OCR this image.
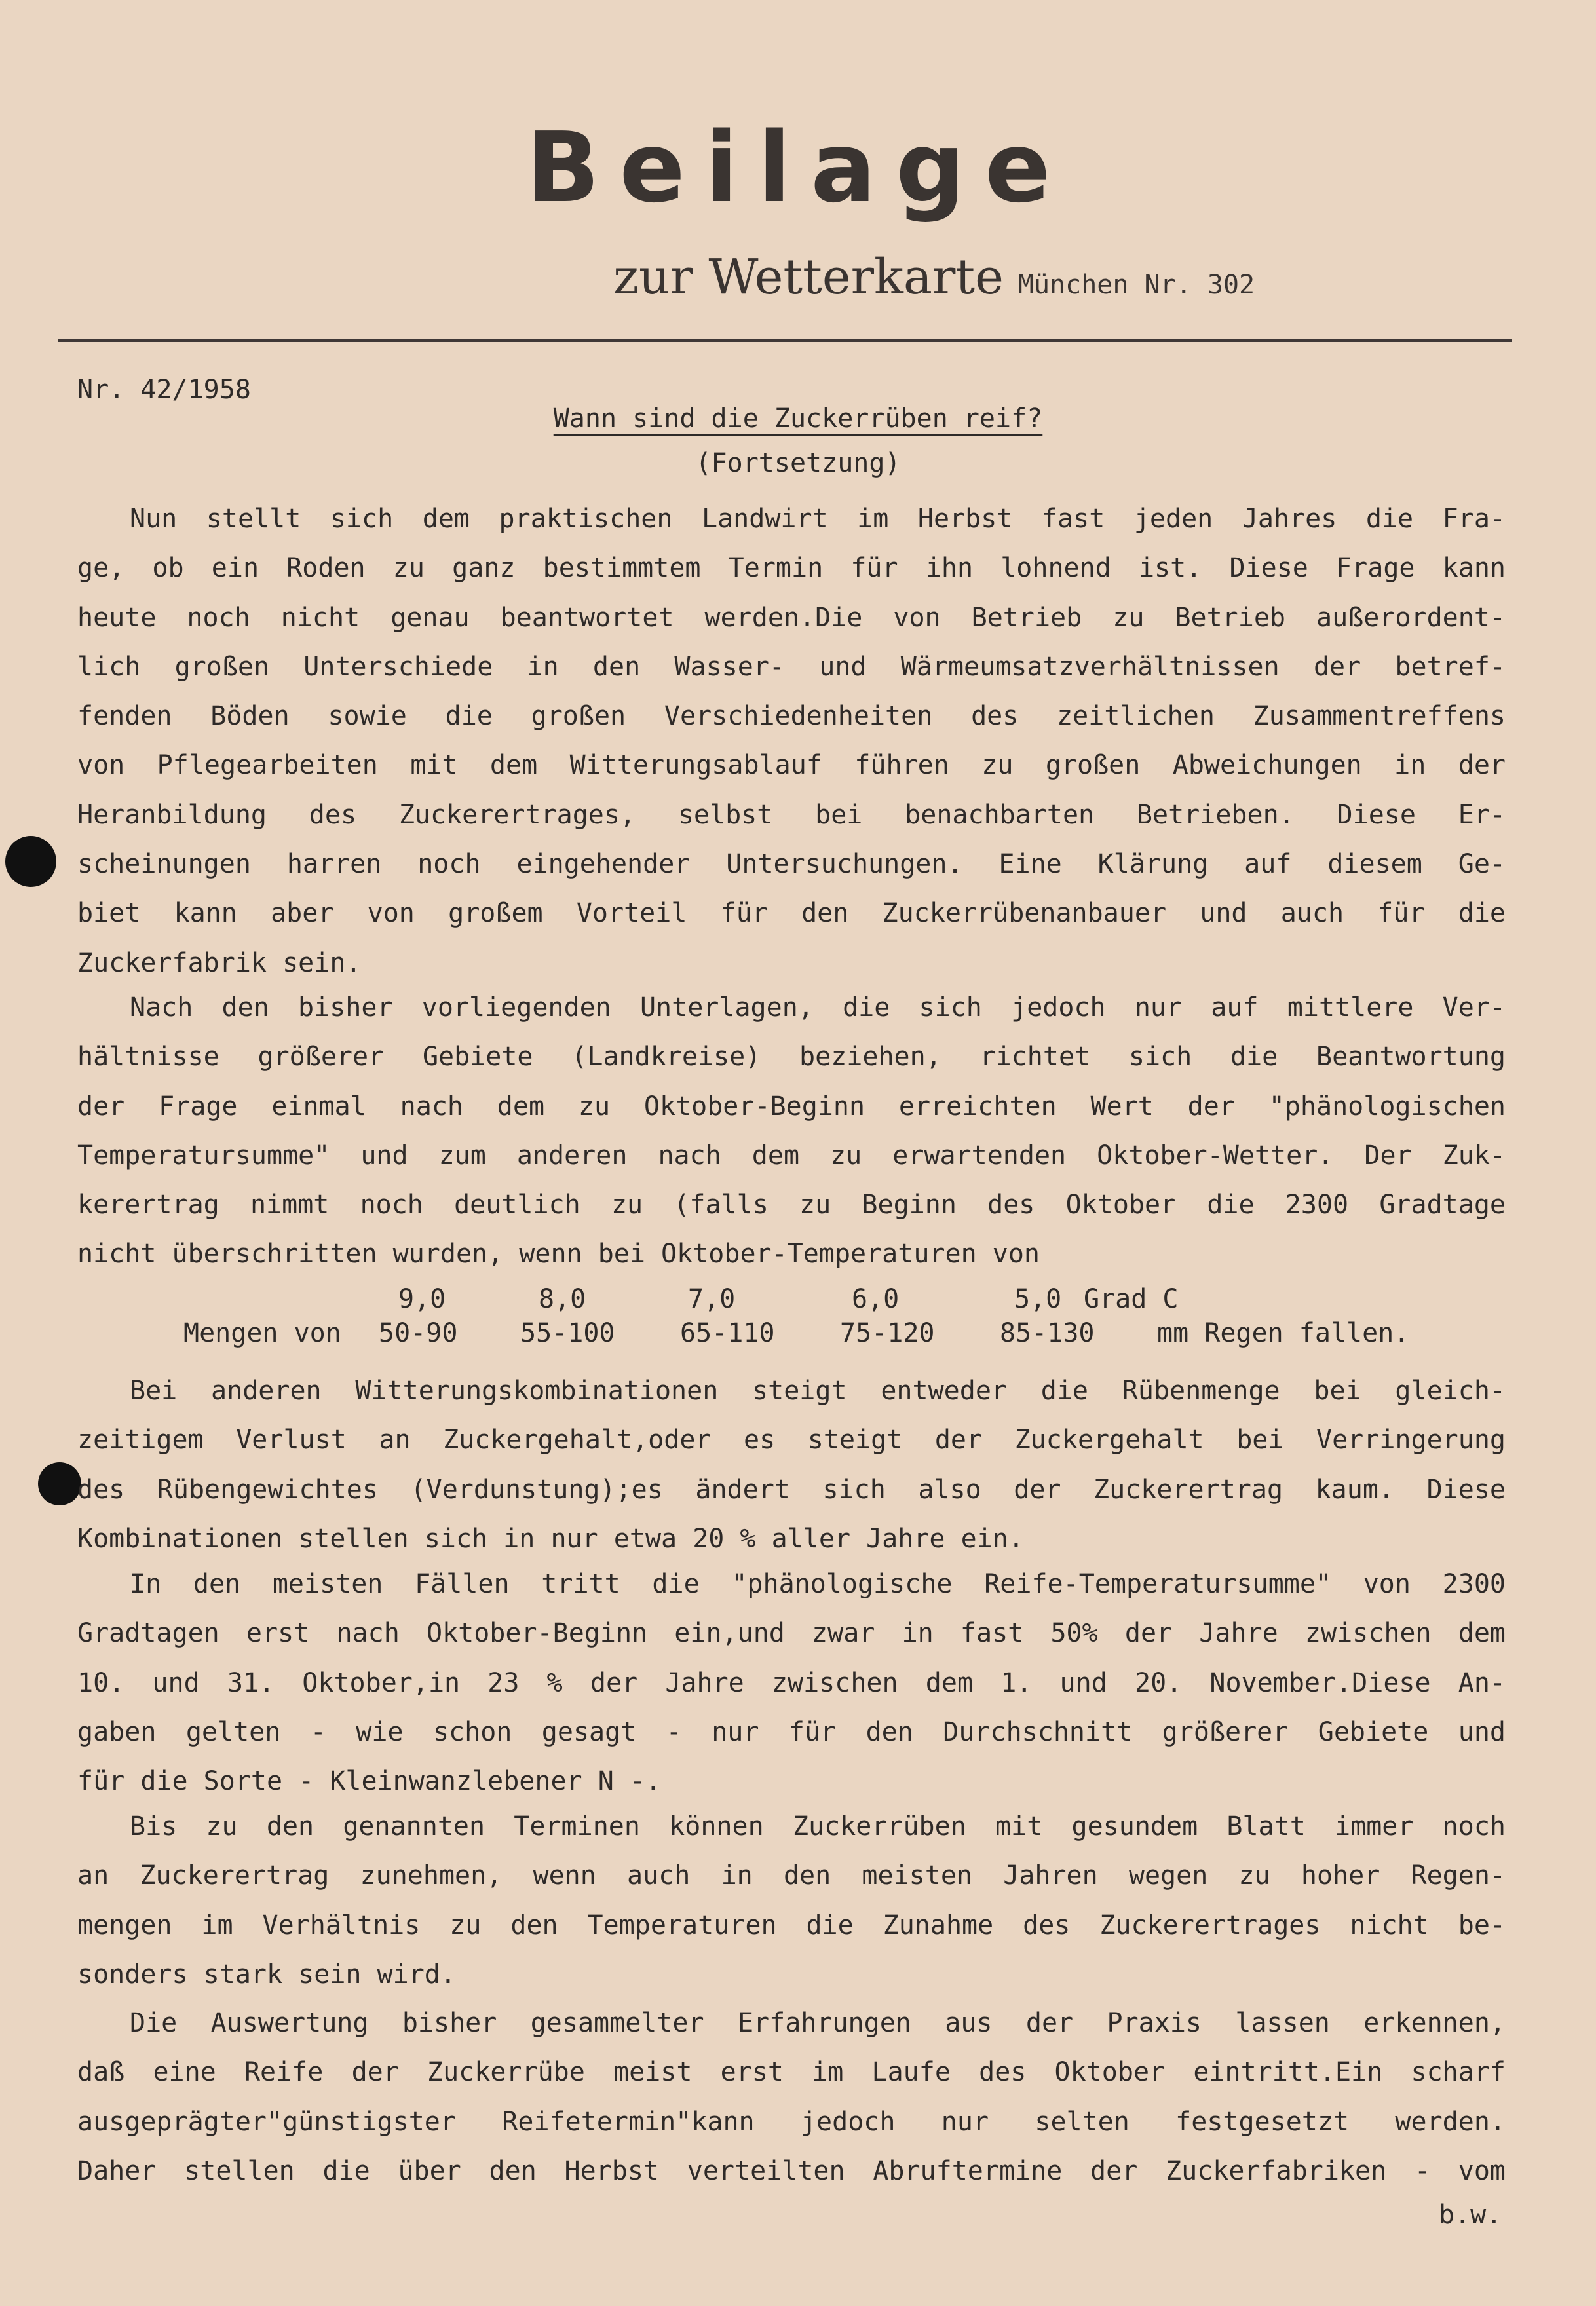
Beilage
zur Wetterkarte München Nr. 302
Nr. 42/1958
Wann sind die Zuckerrüben reif?
(Fortsetzung)
Nun stellt sich dem praktischen Landwirt im Herbst fast jeden Jahres die Fra-
ge, ob ein Roden zu ganz bestimmtem Termin für ihn lohnend ist. Diese Frage kann
heute noch nicht genau beantwortet werden.Die von Betrieb zu Betrieb außerordent-
lich großen Unterschiede in den Wasser- und Wärmeumsatzverhältnissen der betref-
fenden Böden sowie die großen Verschiedenheiten des zeitlichen Zusammentreffens
von Pflegearbeiten mit dem Witterungsablauf führen zu großen Abweichungen in der
Heranbildung des Zuckerertrages, selbst bei benachbarten Betrieben. Diese Er-
scheinungen harren noch eingehender Untersuchungen. Eine Klärung auf diesem Ge-
biet kann aber von großem Vorteil für den Zuckerrübenanbauer und auch für die
Zuckerfabrik sein.
Nach den bisher vorliegenden Unterlagen, die sich jedoch nur auf mittlere Ver-
hältnisse größerer Gebiete (Landkreise) beziehen, richtet sich die Beantwortung
der Frage einmal nach dem zu Oktober-Beginn erreichten Wert der "phänologischen
Temperatursumme" und zum anderen nach dem zu erwartenden Oktober-Wetter. Der Zuk-
kerertrag nimmt noch deutlich zu (falls zu Beginn des Oktober die 2300 Gradtage
nicht überschritten wurden, wenn bei Oktober-Temperaturen von
9,0	8,0	7,0	6,0	5,0 Grad C
Mengen von 50-90 55-100 65-110 75-120 85-130 mm Regen fallen.
Bei anderen Witterungskombinationen steigt entweder die Rübenmenge bei gleich-
zeitigem Verlust an Zuckergehalt,oder es steigt der Zuckergehalt bei Verringerung
des Rübengewichtes (Verdunstung);es ändert sich also der Zuckerertrag kaum. Diese
Kombinationen stellen sich in nur etwa 20 % aller Jahre ein.
In den meisten Fällen tritt die "phänologische Reife-Temperatursumme" von 2300
Gradtagen erst nach Oktober-Beginn ein,und zwar in fast 50% der Jahre zwischen dem
10. und 31. Oktober,in 23 % der Jahre zwischen dem 1. und 20. November.Diese An-
gaben gelten - wie schon gesagt - nur für den Durchschnitt größerer Gebiete und
für die Sorte - Kleinwanzlebener N -.
Bis zu den genannten Terminen können Zuckerrüben mit gesundem Blatt immer noch
an Zuckerertrag zunehmen, wenn auch in den meisten Jahren wegen zu hoher Regen-
mengen im Verhältnis zu den Temperaturen die Zunahme des Zuckerertrages nicht be-
sonders stark sein wird.
Die Auswertung bisher gesammelter Erfahrungen aus der Praxis lassen erkennen,
daß eine Reife der Zuckerrübe meist erst im Laufe des Oktober eintritt.Ein scharf
ausgeprägter"günstigster Reifetermin"kann jedoch nur selten festgesetzt werden.
Daher stellen die über den Herbst verteilten Abruftermine der Zuckerfabriken - vom
b.w.
